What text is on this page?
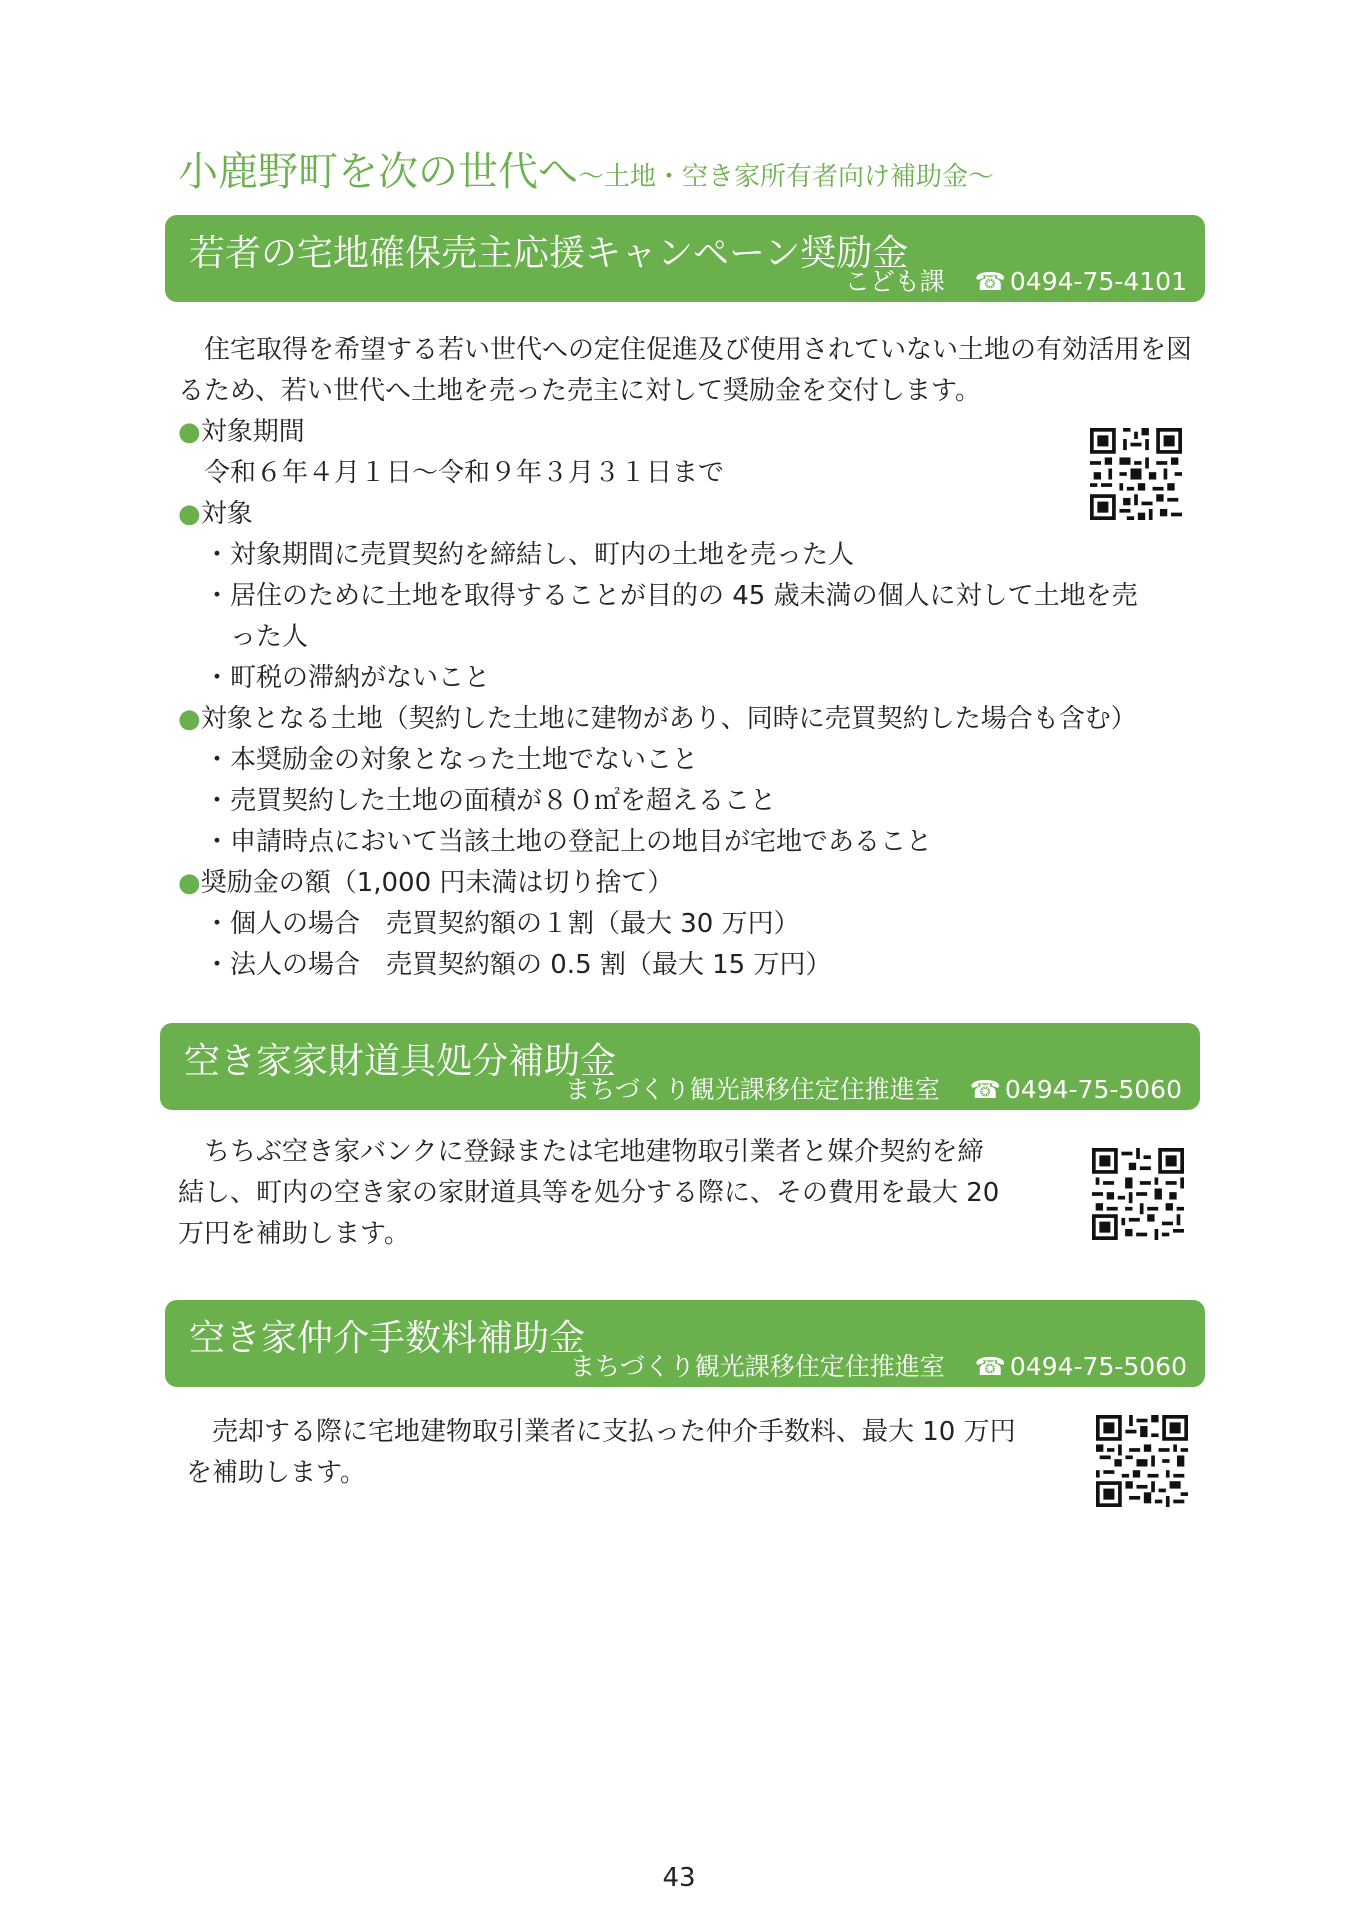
小鹿野町を次の世代へ～土地・空き家所有者向け補助金～
若者の宅地確保売主応援キャンペーン奨励金
こども課 ☎ 0494-75-4101
住宅取得を希望する若い世代への定住促進及び使用されていない土地の有効活用を図るため、若い世代へ土地を売った売主に対して奨励金を交付します。
●対象期間
令和６年４月１日～令和９年３月３１日まで
●対象
・対象期間に売買契約を締結し、町内の土地を売った人
・居住のために土地を取得することが目的の 45 歳未満の個人に対して土地を売
った人
・町税の滞納がないこと
●対象となる土地（契約した土地に建物があり、同時に売買契約した場合も含む）
・本奨励金の対象となった土地でないこと
・売買契約した土地の面積が８０㎡を超えること
・申請時点において当該土地の登記上の地目が宅地であること
●奨励金の額（1,000 円未満は切り捨て）
・個人の場合　売買契約額の１割（最大 30 万円）
・法人の場合　売買契約額の 0.5 割（最大 15 万円）
空き家家財道具処分補助金
まちづくり観光課移住定住推進室 ☎ 0494-75-5060
ちちぶ空き家バンクに登録または宅地建物取引業者と媒介契約を締
結し、町内の空き家の家財道具等を処分する際に、その費用を最大 20
万円を補助します。
空き家仲介手数料補助金
まちづくり観光課移住定住推進室 ☎ 0494-75-5060
売却する際に宅地建物取引業者に支払った仲介手数料、最大 10 万円
を補助します。
43
